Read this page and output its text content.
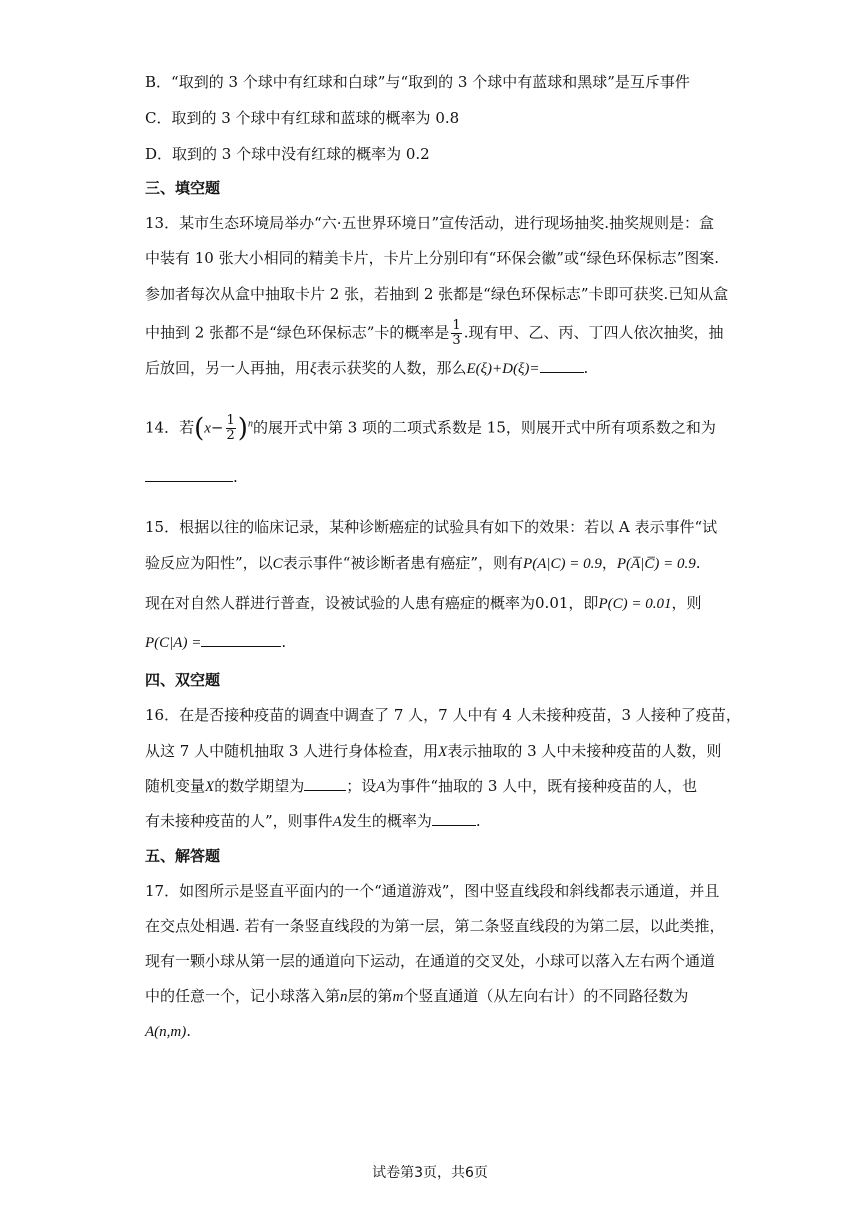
B．“取到的 3 个球中有红球和白球”与“取到的 3 个球中有蓝球和黑球”是互斥事件
C．取到的 3 个球中有红球和蓝球的概率为 0.8
D．取到的 3 个球中没有红球的概率为 0.2
三、填空题
13．某市生态环境局举办“六·五世界环境日”宣传活动，进行现场抽奖.抽奖规则是：盒
中装有 10 张大小相同的精美卡片，卡片上分别印有“环保会徽”或“绿色环保标志”图案.
参加者每次从盒中抽取卡片 2 张，若抽到 2 张都是“绿色环保标志”卡即可获奖.已知从盒
中抽到 2 张都不是“绿色环保标志”卡的概率是 $\frac{1}{3}$ .现有甲、乙、丙、丁四人依次抽奖，抽
后放回，另一人再抽，用ξ表示获奖的人数，那么E(ξ)+D(ξ)=	.
14．若$(x- \frac{1}{2} )^n$的展开式中第 3 项的二项式系数是 15，则展开式中所有项系数之和为
.
15．根据以往的临床记录，某种诊断癌症的试验具有如下的效果：若以 A 表示事件“试
验反应为阳性”，以C表示事件“被诊断者患有癌症”，则有P(A|C) = 0.9，P(A̅|C̅) = 0.9.
现在对自然人群进行普查，设被试验的人患有癌症的概率为0.01，即P(C) = 0.01，则
P(C|A) =	.
四、双空题
16．在是否接种疫苗的调查中调查了 7 人，7 人中有 4 人未接种疫苗，3 人接种了疫苗，
从这 7 人中随机抽取 3 人进行身体检查，用X表示抽取的 3 人中未接种疫苗的人数，则
随机变量X的数学期望为	；设A为事件“抽取的 3 人中，既有接种疫苗的人，也
有未接种疫苗的人”，则事件A发生的概率为	.
五、解答题
17．如图所示是竖直平面内的一个“通道游戏”，图中竖直线段和斜线都表示通道，并且
在交点处相遇. 若有一条竖直线段的为第一层，第二条竖直线段的为第二层，以此类推，
现有一颗小球从第一层的通道向下运动，在通道的交叉处，小球可以落入左右两个通道
中的任意一个，记小球落入第n层的第m个竖直通道（从左向右计）的不同路径数为
A(n,m).
试卷第3页，共6页
